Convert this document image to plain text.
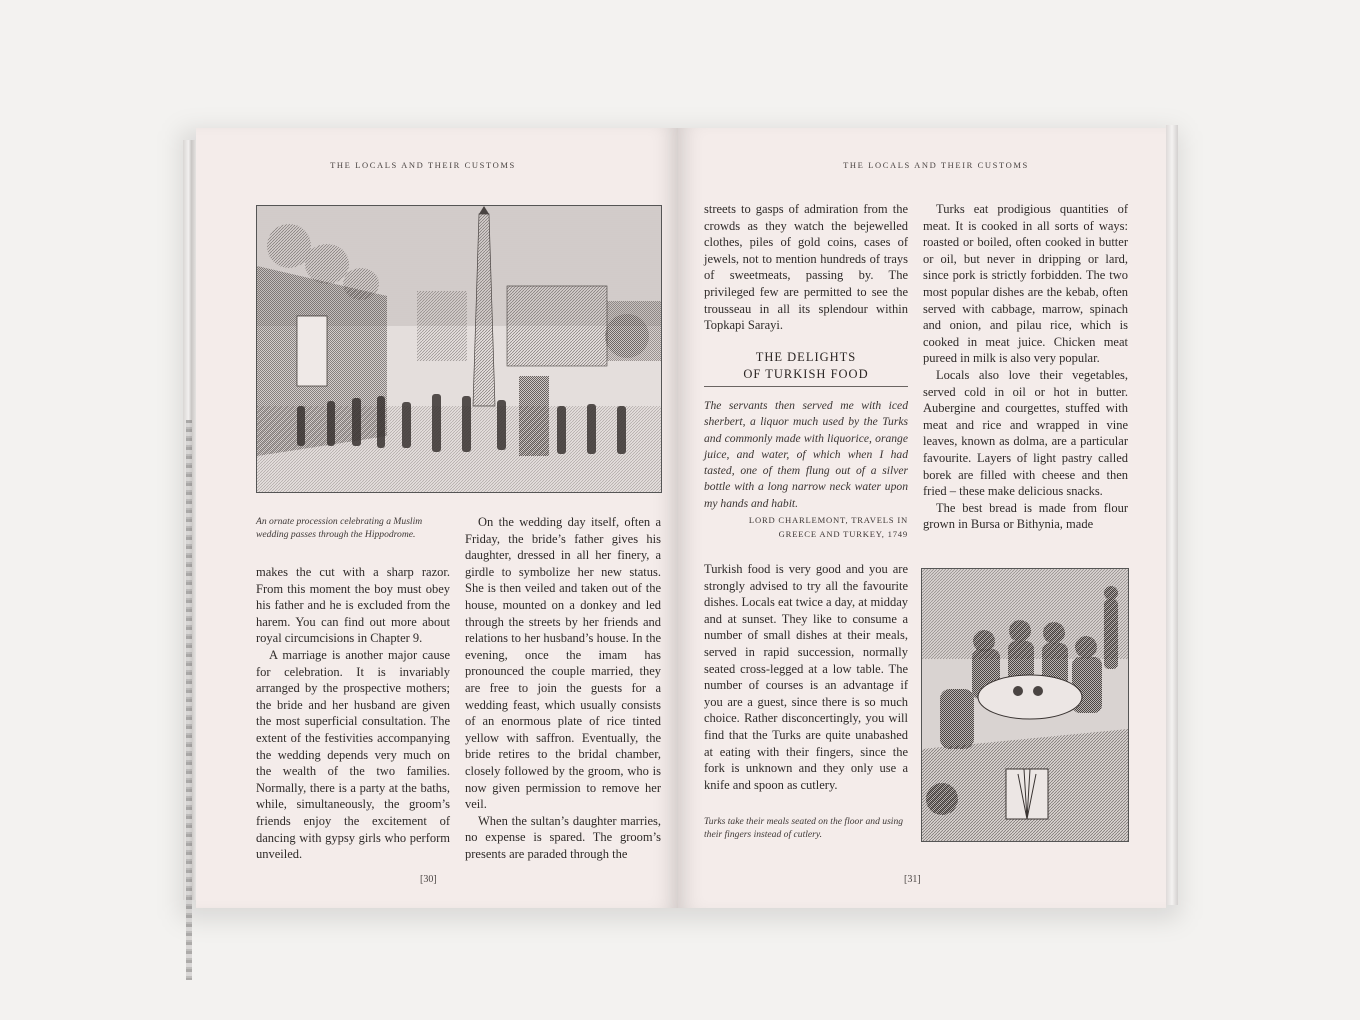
THE LOCALS AND THEIR CUSTOMS
An ornate procession celebrating a Muslim wedding passes through the Hippodrome.

makes the cut with a sharp razor. From this moment the boy must obey his father and he is excluded from the harem. You can find out more about royal circumcisions in Chapter 9.

A marriage is another major cause for celebration. It is invariably arranged by the prospective mothers; the bride and her husband are given the most superficial consultation. The extent of the festivities accompanying the wedding depends very much on the wealth of the two families. Normally, there is a party at the baths, while, simultaneously, the groom’s friends enjoy the excitement of dancing with gypsy girls who perform unveiled.

On the wedding day itself, often a Friday, the bride’s father gives his daughter, dressed in all her finery, a girdle to symbolize her new status. She is then veiled and taken out of the house, mounted on a donkey and led through the streets by her friends and relations to her husband’s house. In the evening, once the imam has pronounced the couple married, they are free to join the guests for a wedding feast, which usually consists of an enormous plate of rice tinted yellow with saffron. Eventually, the bride retires to the bridal chamber, closely followed by the groom, who is now given permission to remove her veil.

When the sultan’s daughter marries, no expense is spared. The groom’s presents are paraded through the

[30]
THE LOCALS AND THEIR CUSTOMS

streets to gasps of admiration from the crowds as they watch the bejewelled clothes, piles of gold coins, cases of jewels, not to mention hundreds of trays of sweetmeats, passing by. The privileged few are permitted to see the trousseau in all its splendour within Topkapi Sarayi.

THE DELIGHTS
OF TURKISH FOOD
The servants then served me with iced sherbert, a liquor much used by the Turks and commonly made with liquorice, orange juice, and water, of which when I had tasted, one of them flung out of a silver bottle with a long narrow neck water upon my hands and habit.
LORD CHARLEMONT, TRAVELS IN
GREECE AND TURKEY, 1749

Turkish food is very good and you are strongly advised to try all the favourite dishes. Locals eat twice a day, at midday and at sunset. They like to consume a number of small dishes at their meals, served in rapid succession, normally seated cross-legged at a low table. The number of courses is an advantage if you are a guest, since there is so much choice. Rather disconcertingly, you will find that the Turks are quite unabashed at eating with their fingers, since the fork is unknown and they only use a knife and spoon as cutlery.

Turks take their meals seated on the floor and using their fingers instead of cutlery.

Turks eat prodigious quantities of meat. It is cooked in all sorts of ways: roasted or boiled, often cooked in butter or oil, but never in dripping or lard, since pork is strictly forbidden. The two most popular dishes are the kebab, often served with cabbage, marrow, spinach and onion, and pilau rice, which is cooked in meat juice. Chicken meat pureed in milk is also very popular.

Locals also love their vegetables, served cold in oil or hot in butter. Aubergine and courgettes, stuffed with meat and rice and wrapped in vine leaves, known as dolma, are a particular favourite. Layers of light pastry called borek are filled with cheese and then fried – these make delicious snacks.

The best bread is made from flour grown in Bursa or Bithynia, made

[31]
